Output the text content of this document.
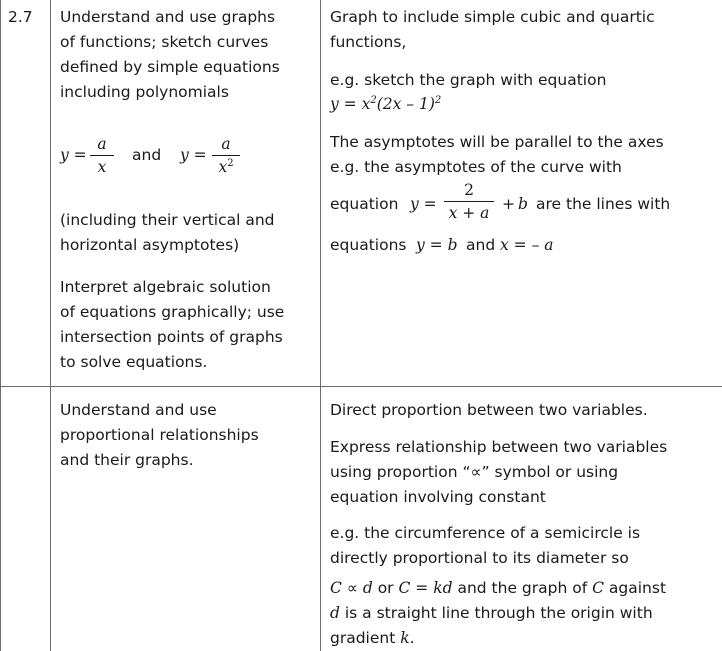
2.7 Understand and use graphs
of functions; sketch curves
defined by simple equations
including polynomials
y =
a
x
and y =
a
$x^2$
(including their vertical and
horizontal asymptotes)
Interpret algebraic solution
of equations graphically; use
intersection points of graphs
to solve equations.
Graph to include simple cubic and quartic
functions,
e.g. sketch the graph with equation
$y = x^2(2x - 1)^2$
The asymptotes will be parallel to the axes
e.g. the asymptotes of the curve with
equation y =
2
x + a + b are the lines with
equations y = b and x = – a
Understand and use
proportional relationships
and their graphs.
Direct proportion between two variables.
Express relationship between two variables
using proportion “∝” symbol or using
equation involving constant
e.g. the circumference of a semicircle is
directly proportional to its diameter so
C ∝ d or C = kd and the graph of C against
d is a straight line through the origin with
gradient k.
